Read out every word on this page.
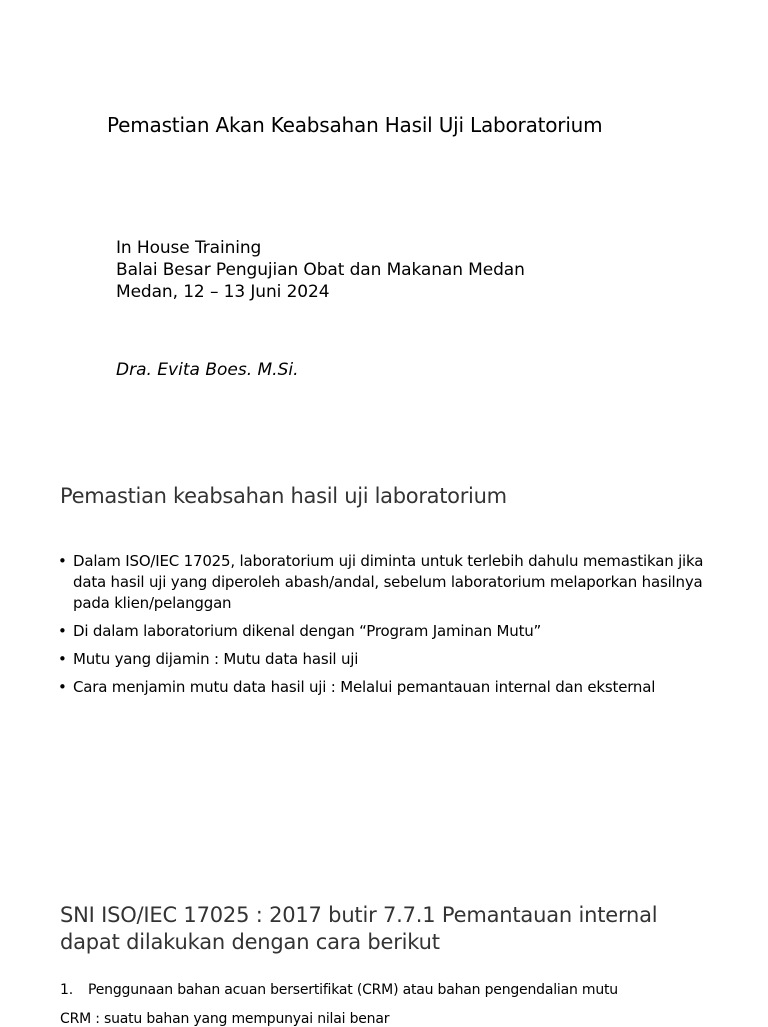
Pemastian Akan Keabsahan Hasil Uji Laboratorium
In House Training
Balai Besar Pengujian Obat dan Makanan Medan
Medan, 12 – 13 Juni 2024
Dra. Evita Boes. M.Si.
Pemastian keabsahan hasil uji laboratorium
• Dalam ISO/IEC 17025, laboratorium uji diminta untuk terlebih dahulu memastikan jika data hasil uji yang diperoleh abash/andal, sebelum laboratorium melaporkan hasilnya pada klien/pelanggan
• Di dalam laboratorium dikenal dengan “Program Jaminan Mutu”
• Mutu yang dijamin : Mutu data hasil uji
• Cara menjamin mutu data hasil uji : Melalui pemantauan internal dan eksternal
SNI ISO/IEC 17025 : 2017 butir 7.7.1 Pemantauan internal dapat dilakukan dengan cara berikut
1. Penggunaan bahan acuan bersertifikat (CRM) atau bahan pengendalian mutu
CRM : suatu bahan yang mempunyai nilai benar
